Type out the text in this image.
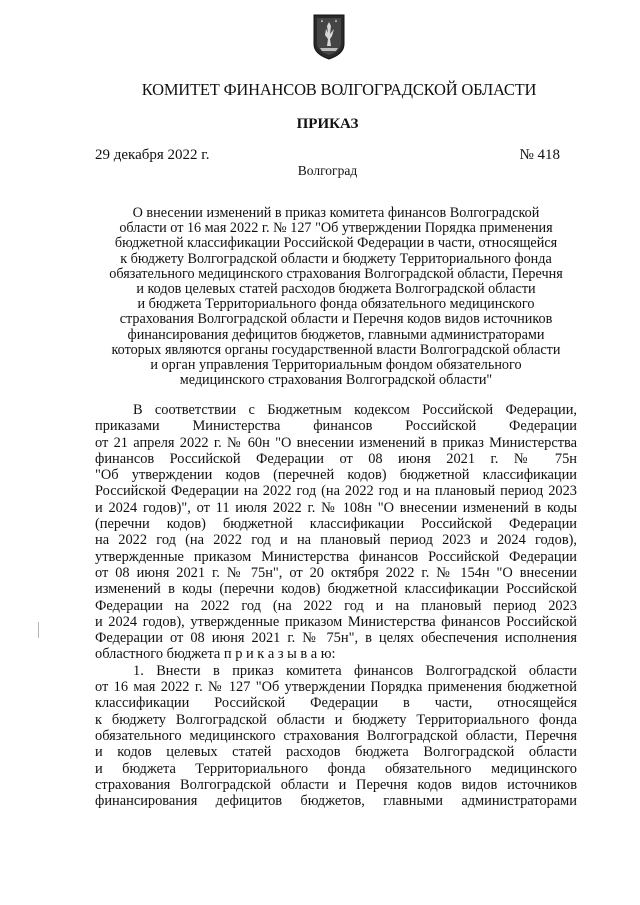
КОМИТЕТ ФИНАНСОВ ВОЛГОГРАДСКОЙ ОБЛАСТИ
ПРИКАЗ
29 декабря 2022 г.	№ 418
Волгоград
О внесении изменений в приказ комитета финансов Волгоградской
области от 16 мая 2022 г. № 127 "Об утверждении Порядка применения
бюджетной классификации Российской Федерации в части, относящейся
к бюджету Волгоградской области и бюджету Территориального фонда
обязательного медицинского страхования Волгоградской области, Перечня
и кодов целевых статей расходов бюджета Волгоградской области
и бюджета Территориального фонда обязательного медицинского
страхования Волгоградской области и Перечня кодов видов источников
финансирования дефицитов бюджетов, главными администраторами
которых являются органы государственной власти Волгоградской области
и орган управления Территориальным фондом обязательного
медицинского страхования Волгоградской области"
В соответствии с Бюджетным кодексом Российской Федерации,
приказами Министерства финансов Российской Федерации
от 21 апреля 2022 г. № 60н "О внесении изменений в приказ Министерства
финансов Российской Федерации от 08 июня 2021 г. № 75н
"Об утверждении кодов (перечней кодов) бюджетной классификации
Российской Федерации на 2022 год (на 2022 год и на плановый период 2023
и 2024 годов)", от 11 июля 2022 г. № 108н "О внесении изменений в коды
(перечни кодов) бюджетной классификации Российской Федерации
на 2022 год (на 2022 год и на плановый период 2023 и 2024 годов),
утвержденные приказом Министерства финансов Российской Федерации
от 08 июня 2021 г. № 75н", от 20 октября 2022 г. № 154н "О внесении
изменений в коды (перечни кодов) бюджетной классификации Российской
Федерации на 2022 год (на 2022 год и на плановый период 2023
и 2024 годов), утвержденные приказом Министерства финансов Российской
Федерации от 08 июня 2021 г. № 75н", в целях обеспечения исполнения
областного бюджета п р и к а з ы в а ю:
1. Внести в приказ комитета финансов Волгоградской области
от 16 мая 2022 г. № 127 "Об утверждении Порядка применения бюджетной
классификации Российской Федерации в части, относящейся
к бюджету Волгоградской области и бюджету Территориального фонда
обязательного медицинского страхования Волгоградской области, Перечня
и кодов целевых статей расходов бюджета Волгоградской области
и бюджета Территориального фонда обязательного медицинского
страхования Волгоградской области и Перечня кодов видов источников
финансирования дефицитов бюджетов, главными администраторами
